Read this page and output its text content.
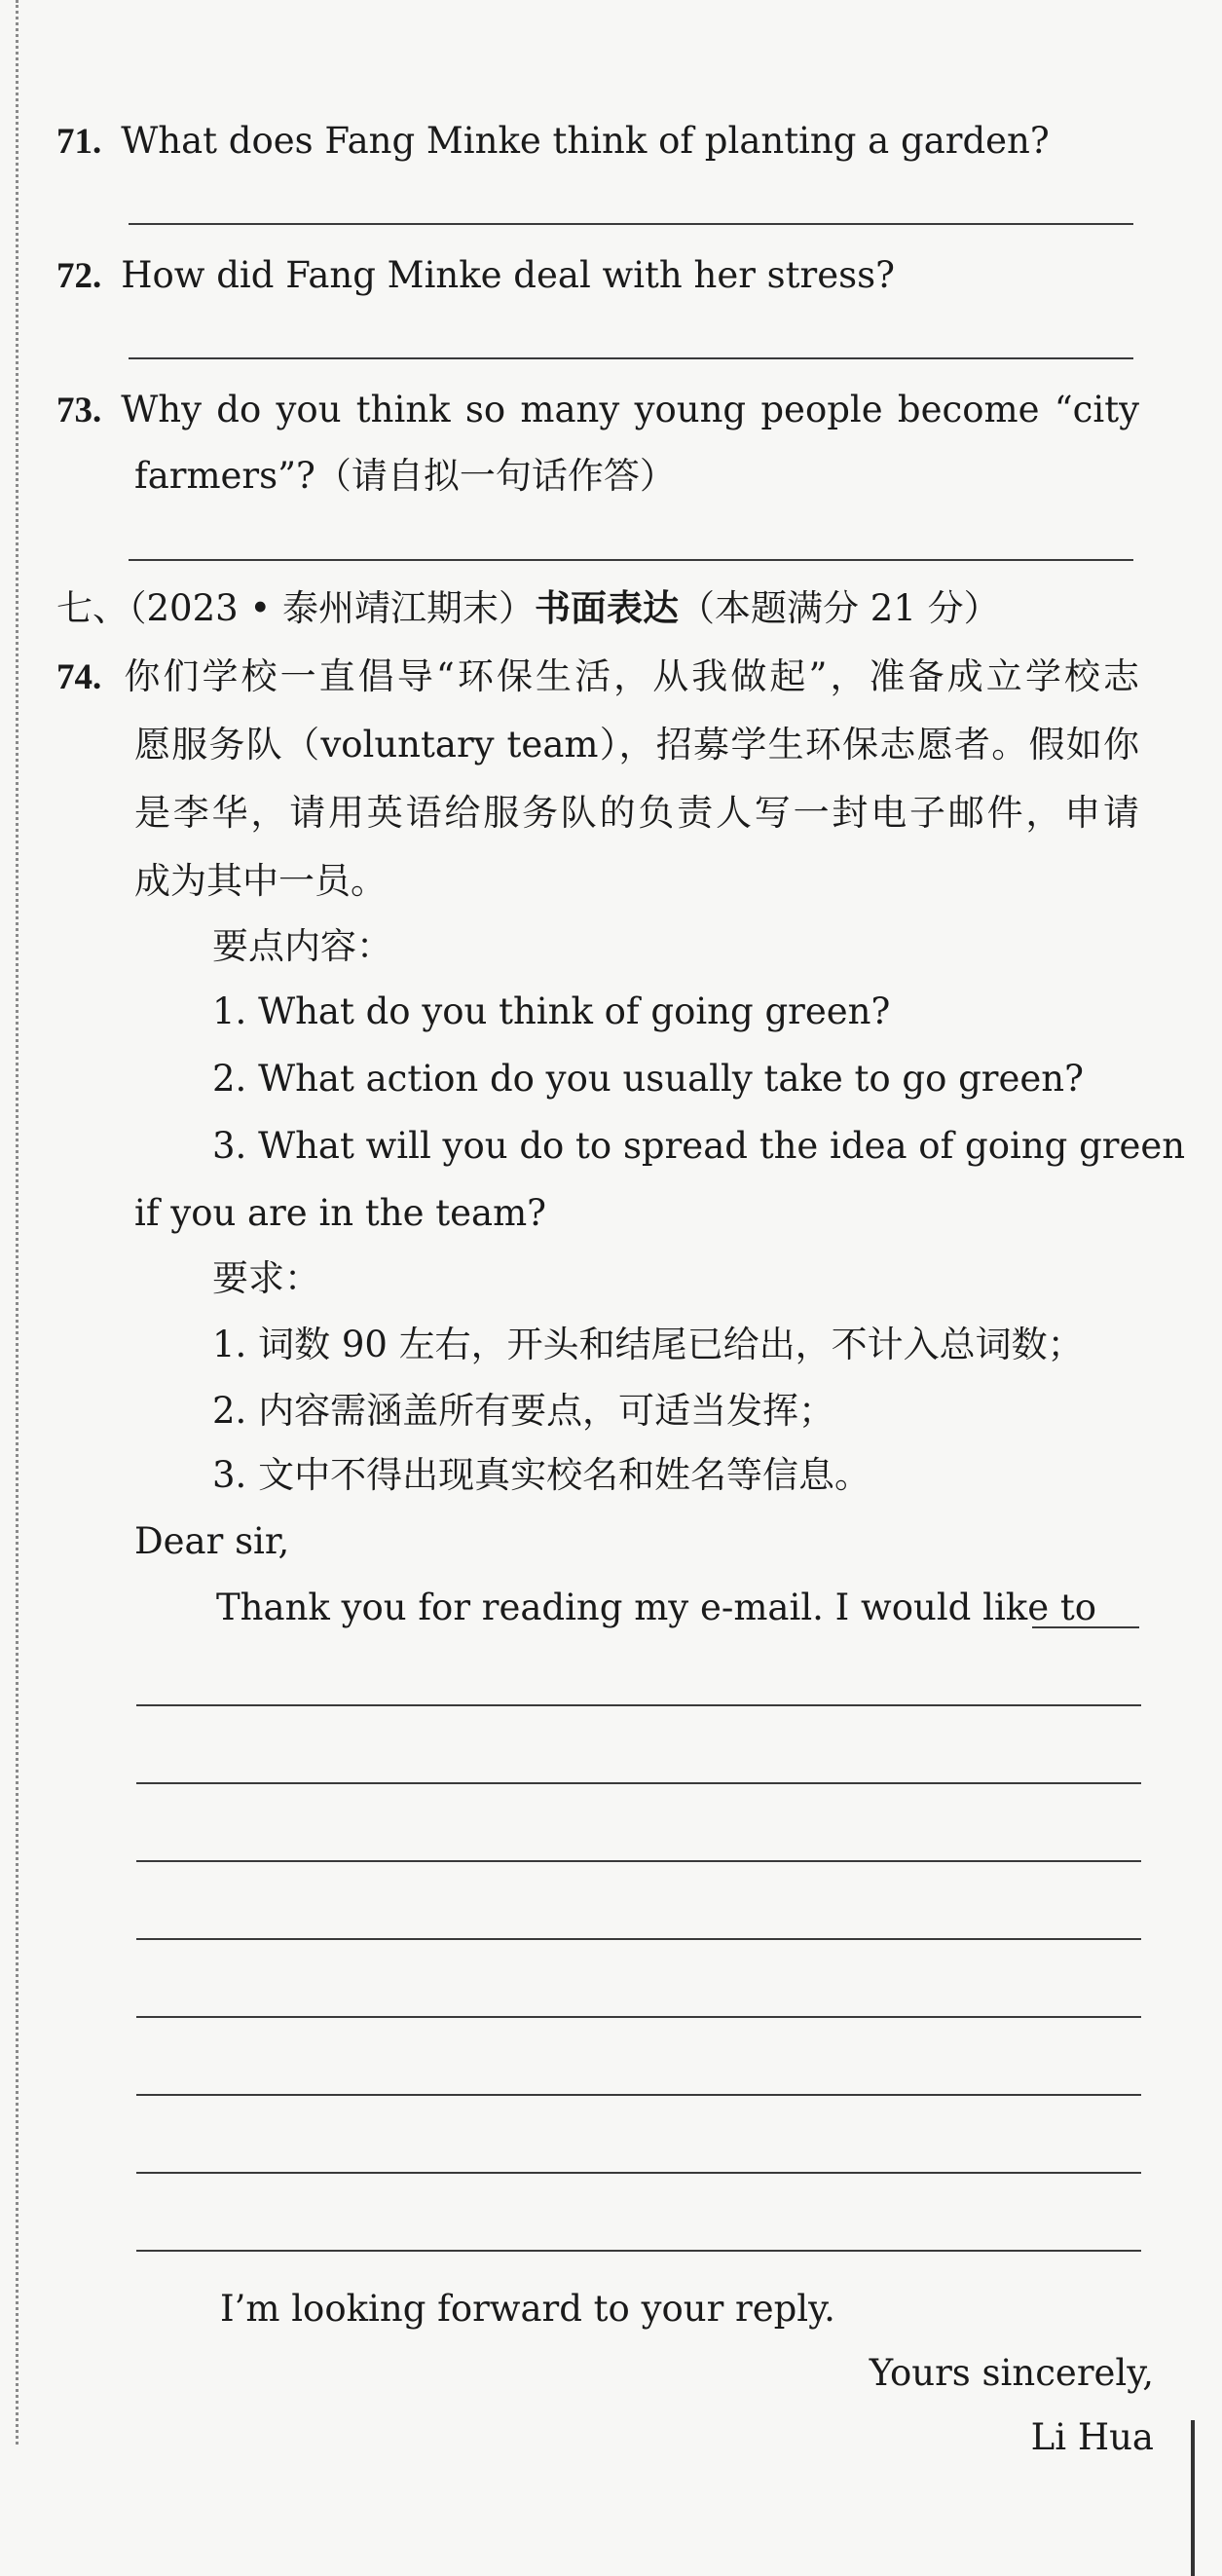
71. What does Fang Minke think of planting a garden?
72. How did Fang Minke deal with her stress?
73. Why do you think so many young people become “city
farmers”?（请自拟一句话作答）
七、（2023 • 泰州靖江期末）书面表达（本题满分 21 分）
74. 你们学校一直倡导“环保生活，从我做起”，准备成立学校志
愿服务队（voluntary team），招募学生环保志愿者。假如你
是李华，请用英语给服务队的负责人写一封电子邮件，申请
成为其中一员。
要点内容：
1. What do you think of going green?
2. What action do you usually take to go green?
3. What will you do to spread the idea of going green
if you are in the team?
要求：
1. 词数 90 左右，开头和结尾已给出，不计入总词数；
2. 内容需涵盖所有要点，可适当发挥；
3. 文中不得出现真实校名和姓名等信息。
Dear sir,
Thank you for reading my e-mail. I would like to
I’m looking forward to your reply.
Yours sincerely,
Li Hua
